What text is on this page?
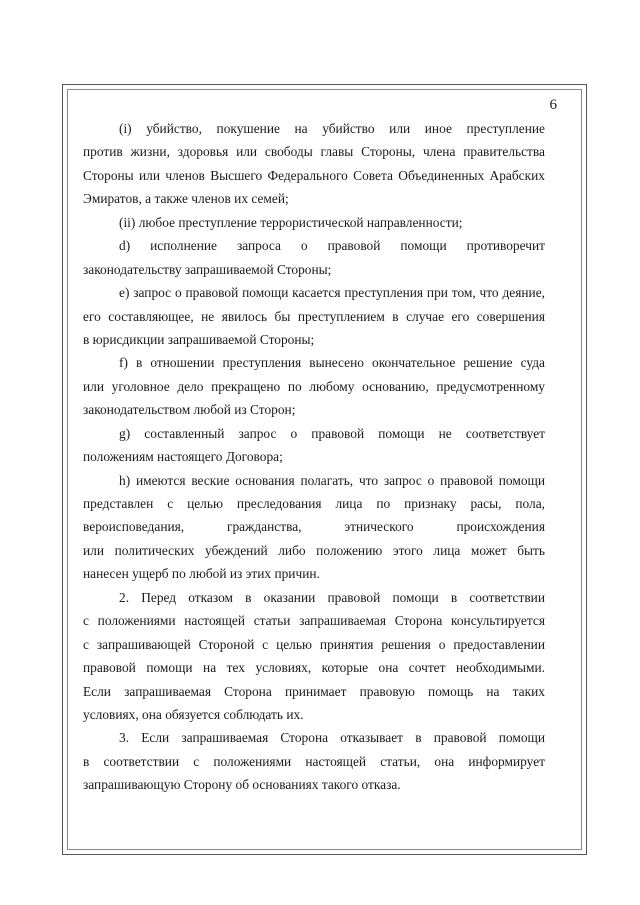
6
(i) убийство, покушение на убийство или иное преступление
против жизни, здоровья или свободы главы Стороны, члена правительства
Стороны или членов Высшего Федерального Совета Объединенных Арабских
Эмиратов, а также членов их семей;
(ii) любое преступление террористической направленности;
d) исполнение запроса о правовой помощи противоречит
законодательству запрашиваемой Стороны;
е) запрос о правовой помощи касается преступления при том, что деяние,
его составляющее, не явилось бы преступлением в случае его совершения
в юрисдикции запрашиваемой Стороны;
f) в отношении преступления вынесено окончательное решение суда
или уголовное дело прекращено по любому основанию, предусмотренному
законодательством любой из Сторон;
g) составленный запрос о правовой помощи не соответствует
положениям настоящего Договора;
h) имеются веские основания полагать, что запрос о правовой помощи
представлен с целью преследования лица по признаку расы, пола,
вероисповедания, гражданства, этнического происхождения
или политических убеждений либо положению этого лица может быть
нанесен ущерб по любой из этих причин.
2. Перед отказом в оказании правовой помощи в соответствии
с положениями настоящей статьи запрашиваемая Сторона консультируется
с запрашивающей Стороной с целью принятия решения о предоставлении
правовой помощи на тех условиях, которые она сочтет необходимыми.
Если запрашиваемая Сторона принимает правовую помощь на таких
условиях, она обязуется соблюдать их.
3. Если запрашиваемая Сторона отказывает в правовой помощи
в соответствии с положениями настоящей статьи, она информирует
запрашивающую Сторону об основаниях такого отказа.
